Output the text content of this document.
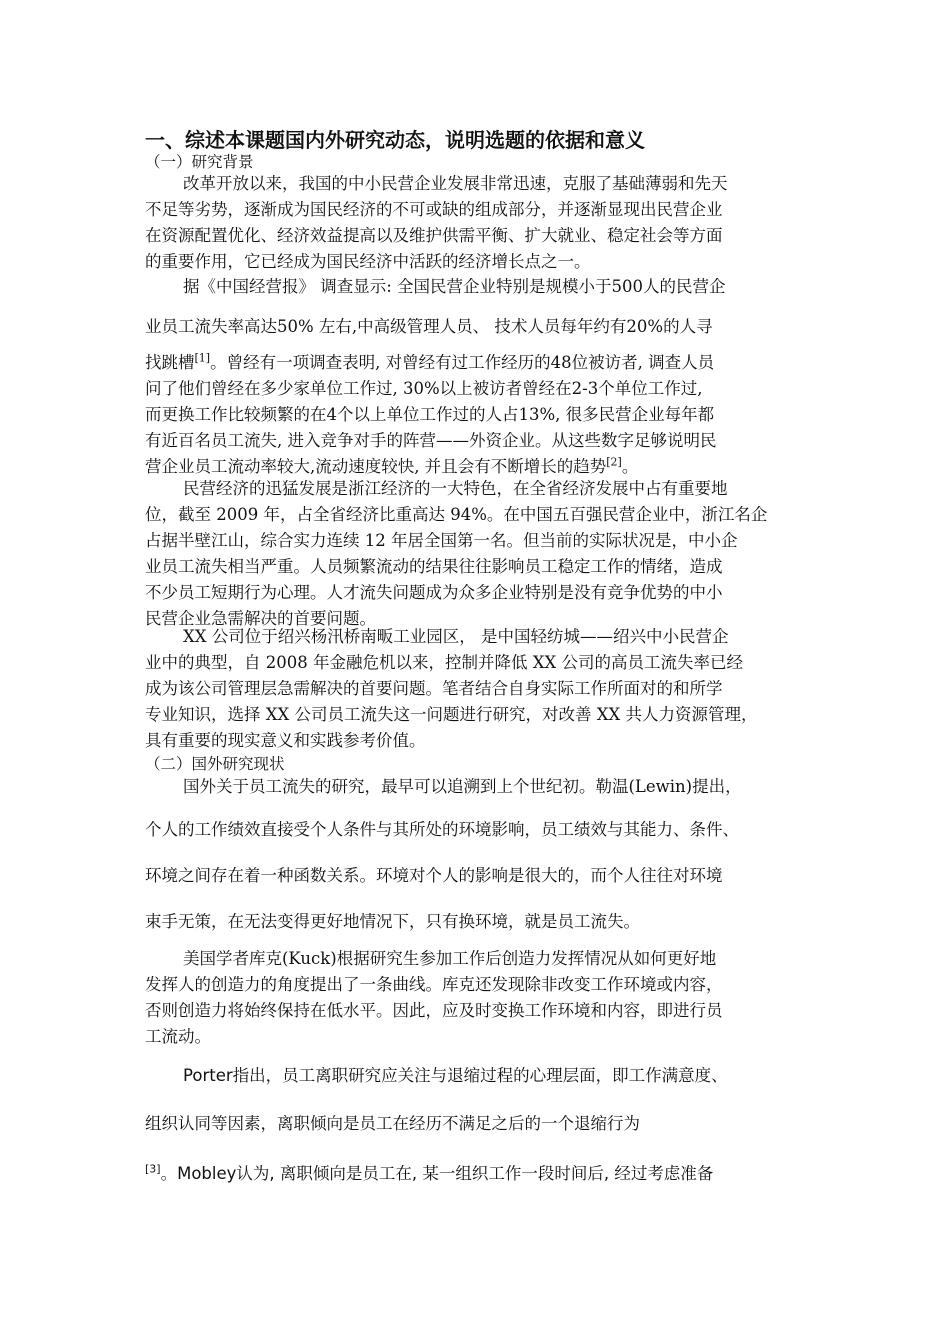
一、综述本课题国内外研究动态，说明选题的依据和意义
（一）研究背景
改革开放以来，我国的中小民营企业发展非常迅速，克服了基础薄弱和先天
不足等劣势，逐渐成为国民经济的不可或缺的组成部分，并逐渐显现出民营企业
在资源配置优化、经济效益提高以及维护供需平衡、扩大就业、稳定社会等方面
的重要作用，它已经成为国民经济中活跃的经济增长点之一。
据《中国经营报》 调查显示: 全国民营企业特别是规模小于500人的民营企
业员工流失率高达50% 左右,中高级管理人员、 技术人员每年约有20%的人寻
找跳槽[1]。曾经有一项调查表明, 对曾经有过工作经历的48位被访者, 调查人员
问了他们曾经在多少家单位工作过, 30%以上被访者曾经在2-3个单位工作过,
而更换工作比较频繁的在4个以上单位工作过的人占13%, 很多民营企业每年都
有近百名员工流失, 进入竞争对手的阵营——外资企业。从这些数字足够说明民
营企业员工流动率较大,流动速度较快, 并且会有不断增长的趋势[2]。
民营经济的迅猛发展是浙江经济的一大特色，在全省经济发展中占有重要地
位，截至 2009 年，占全省经济比重高达 94%。在中国五百强民营企业中，浙江名企
占据半壁江山，综合实力连续 12 年居全国第一名。但当前的实际状况是，中小企
业员工流失相当严重。人员频繁流动的结果往往影响员工稳定工作的情绪，造成
不少员工短期行为心理。人才流失问题成为众多企业特别是没有竞争优势的中小
民营企业急需解决的首要问题。
XX 公司位于绍兴杨汛桥南畈工业园区， 是中国轻纺城——绍兴中小民营企
业中的典型，自 2008 年金融危机以来，控制并降低 XX 公司的高员工流失率已经
成为该公司管理层急需解决的首要问题。笔者结合自身实际工作所面对的和所学
专业知识，选择 XX 公司员工流失这一问题进行研究，对改善 XX 共人力资源管理，
具有重要的现实意义和实践参考价值。
（二）国外研究现状
国外关于员工流失的研究，最早可以追溯到上个世纪初。勒温(Lewin)提出，
个人的工作绩效直接受个人条件与其所处的环境影响，员工绩效与其能力、条件、
环境之间存在着一种函数关系。环境对个人的影响是很大的，而个人往往对环境
束手无策，在无法变得更好地情况下，只有换环境，就是员工流失。
美国学者库克(Kuck)根据研究生参加工作后创造力发挥情况从如何更好地
发挥人的创造力的角度提出了一条曲线。库克还发现除非改变工作环境或内容，
否则创造力将始终保持在低水平。因此，应及时变换工作环境和内容，即进行员
工流动。
Porter指出，员工离职研究应关注与退缩过程的心理层面，即工作满意度、
组织认同等因素，离职倾向是员工在经历不满足之后的一个退缩行为
[3]。Mobley认为, 离职倾向是员工在, 某一组织工作一段时间后, 经过考虑准备
